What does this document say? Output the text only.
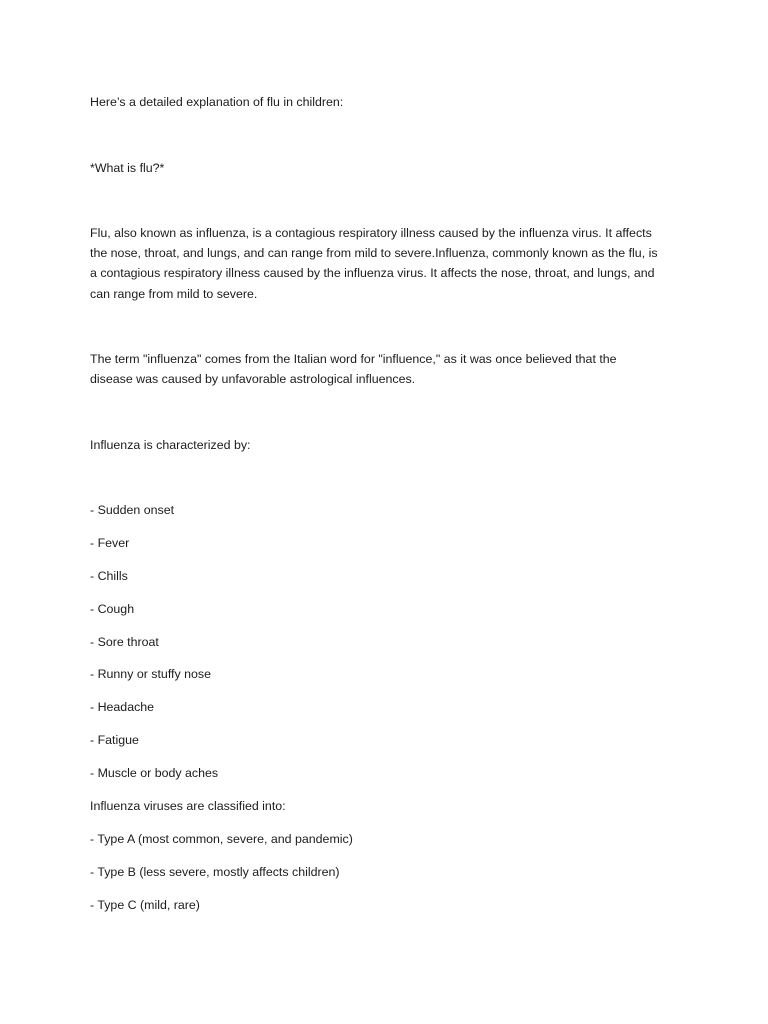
Here’s a detailed explanation of flu in children:
*What is flu?*
Flu, also known as influenza, is a contagious respiratory illness caused by the influenza virus. It affects
the nose, throat, and lungs, and can range from mild to severe.Influenza, commonly known as the flu, is
a contagious respiratory illness caused by the influenza virus. It affects the nose, throat, and lungs, and
can range from mild to severe.
The term "influenza" comes from the Italian word for "influence," as it was once believed that the
disease was caused by unfavorable astrological influences.
Influenza is characterized by:
- Sudden onset
- Fever
- Chills
- Cough
- Sore throat
- Runny or stuffy nose
- Headache
- Fatigue
- Muscle or body aches
Influenza viruses are classified into:
- Type A (most common, severe, and pandemic)
- Type B (less severe, mostly affects children)
- Type C (mild, rare)
